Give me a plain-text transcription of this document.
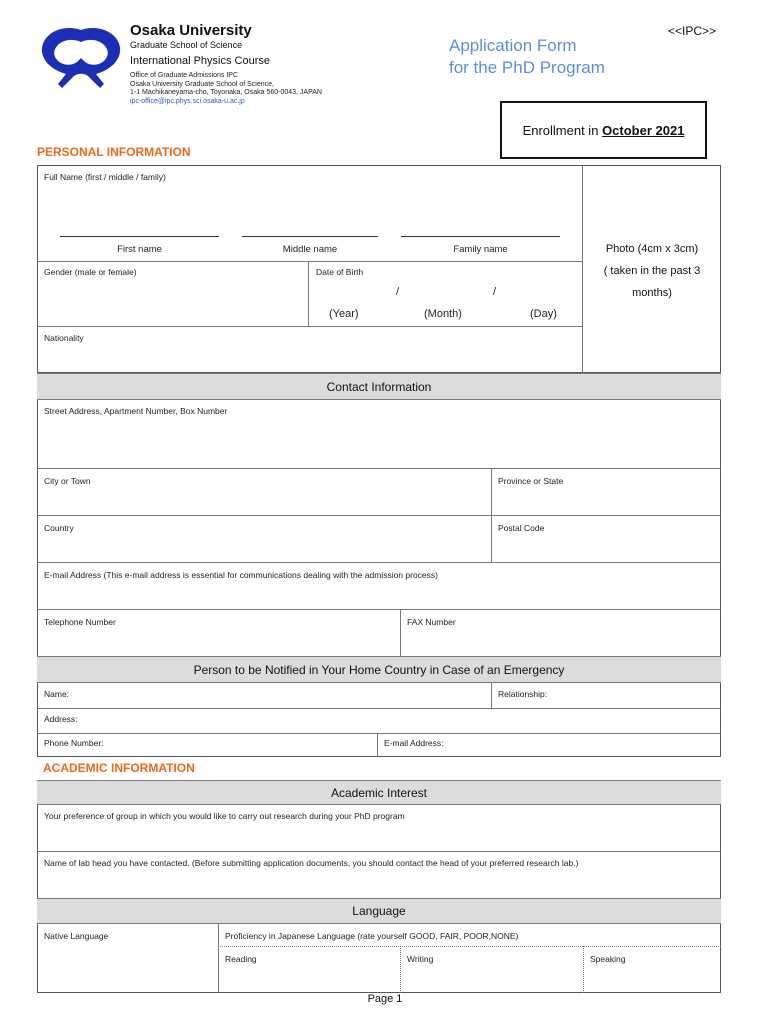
Osaka University
Graduate School of Science
International Physics Course
Office of Graduate Admissions IPC
Osaka University Graduate School of Science,
1-1 Machikaneyama-cho, Toyonaka, Osaka 560-0043, JAPAN
ipc-office@ipc.phys.sci.osaka-u.ac.jp
<<IPC>>
Application Form
for the PhD Program
Enrollment in
October 2021
PERSONAL INFORMATION
Full Name (first / middle / family)
First name	Middle name	Family name	Photo (4cm x 3cm)
( taken in the past 3
months)
Gender (male or female)	Date of Birth
/	/
(Year)	(Month)	(Day)
Nationality
Contact Information
Street Address, Apartment Number, Box Number
City or Town	Province or State
Country	Postal Code
E-mail Address (This e-mail address is essential for communications dealing with the admission process)
Telephone Number	FAX Number
Person to be Notified in Your Home Country in Case of an Emergency
Name:	Relationship:
Address:
Phone Number:	E-mail Address:
ACADEMIC INFORMATION
Academic Interest
Your preference of group in which you would like to carry out research during your PhD program
Name of lab head you have contacted. (Before submitting application documents, you should contact the head of your preferred research lab.)
Language
Native Language	Proficiency in Japanese Language (rate yourself GOOD, FAIR, POOR,NONE)
Reading	Writing	Speaking
Page 1
